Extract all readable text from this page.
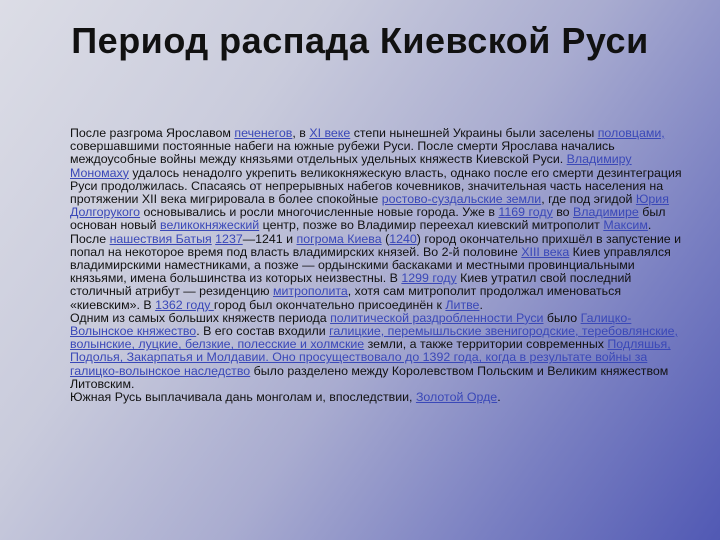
Период распада Киевской Руси

После разгрома Ярославом печенегов, в XI веке степи нынешней Украины были заселены половцами, совершавшими постоянные набеги на южные рубежи Руси. После смерти Ярослава начались междоусобные войны между князьями отдельных удельных княжеств Киевской Руси. Владимиру Мономаху удалось ненадолго укрепить великокняжескую власть, однако после его смерти дезинтеграция Руси продолжилась. Спасаясь от непрерывных набегов кочевников, значительная часть населения на протяжении XII века мигрировала в более спокойные ростово-суздальские земли, где под эгидой Юрия Долгорукого основывались и росли многочисленные новые города. Уже в 1169 году во Владимире был основан новый великокняжеский центр, позже во Владимир переехал киевский митрополит Максим.

После нашествия Батыя 1237—1241 и погрома Киева (1240) город окончательно прихшёл в запустение и попал на некоторое время под власть владимирских князей. Во 2-й половине XIII века Киев управлялся владимирскими наместниками, а позже — ордынскими баскаками и местными провинциальными князьями, имена большинства из которых неизвестны. В 1299 году Киев утратил свой последний столичный атрибут — резиденцию митрополита, хотя сам митрополит продолжал именоваться «киевским». В 1362 году город был окончательно присоединён к Литве.

Одним из самых больших княжеств периода политической раздробленности Руси было Галицко-Волынское княжество. В его состав входили галицкие, перемышльские звенигородские, теребовлянские, волынские, луцкие, белзкие, полесские и холмские земли, а также территории современных Подляшья, Подолья, Закарпатья и Молдавии. Оно просуществовало до 1392 года, когда в результате войны за галицко-волынское наследство было разделено между Королевством Польским и Великим княжеством Литовским.

Южная Русь выплачивала дань монголам и, впоследствии, Золотой Орде.
